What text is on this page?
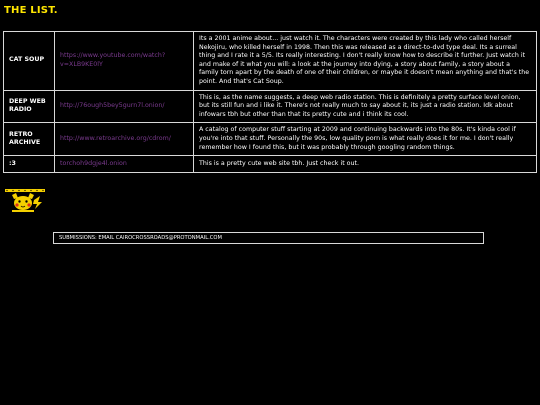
THE LIST.
CAT SOUP	https://www.youtube.com/watch?v=XLB9KE0lY	Its a 2001 anime about... just watch it. The characters were created by this lady who called herself Nekojiru, who killed herself in 1998. Then this was released as a direct-to-dvd type deal. Its a surreal thing and I rate it a 5/5. Its really interesting. I don't really know how to describe it further. Just watch it and make of it what you will: a look at the journey into dying, a story about family, a story about a family torn apart by the death of one of their children, or maybe it doesn't mean anything and that's the point. And that's Cat Soup.
DEEP WEB RADIO	http://76ough5bey5gurn7l.onion/	This is, as the name suggests, a deep web radio station. This is definitely a pretty surface level onion, but its still fun and i like it. There's not really much to say about it, its just a radio station. Idk about infowars tbh but other than that its pretty cute and i think its cool.
RETRO ARCHIVE	http://www.retroarchive.org/cdrom/	A catalog of computer stuff starting at 2009 and continuing backwards into the 80s. It's kinda cool if you're into that stuff. Personally the 90s, low quality porn is what really does it for me. I don't really remember how I found this, but it was probably through googling random things.
:3	torchoh9dgje4l.onion	This is a pretty cute web site tbh. Just check it out.
SUBMISSIONS: EMAIL CAIROCROSSROADS@PROTONMAIL.COM
